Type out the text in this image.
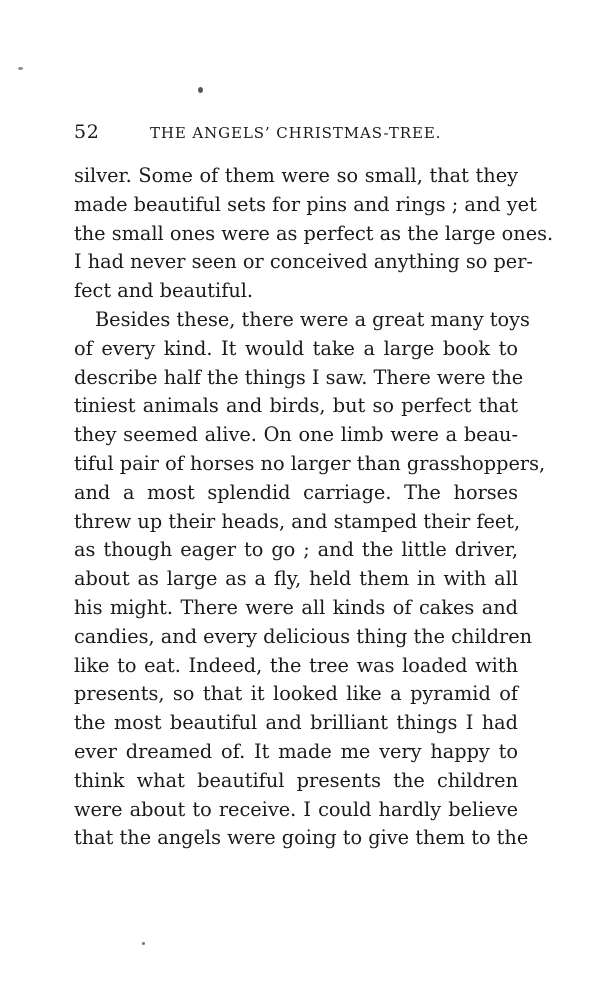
52	THE ANGELS’ CHRISTMAS-TREE.
silver. Some of them were so small, that they
made beautiful sets for pins and rings ; and yet
the small ones were as perfect as the large ones.
I had never seen or conceived anything so per-
fect and beautiful.
Besides these, there were a great many toys
of every kind. It would take a large book to
describe half the things I saw. There were the
tiniest animals and birds, but so perfect that
they seemed alive. On one limb were a beau-
tiful pair of horses no larger than grasshoppers,
and a most splendid carriage. The horses
threw up their heads, and stamped their feet,
as though eager to go ; and the little driver,
about as large as a fly, held them in with all
his might. There were all kinds of cakes and
candies, and every delicious thing the children
like to eat. Indeed, the tree was loaded with
presents, so that it looked like a pyramid of
the most beautiful and brilliant things I had
ever dreamed of. It made me very happy to
think what beautiful presents the children
were about to receive. I could hardly believe
that the angels were going to give them to the
